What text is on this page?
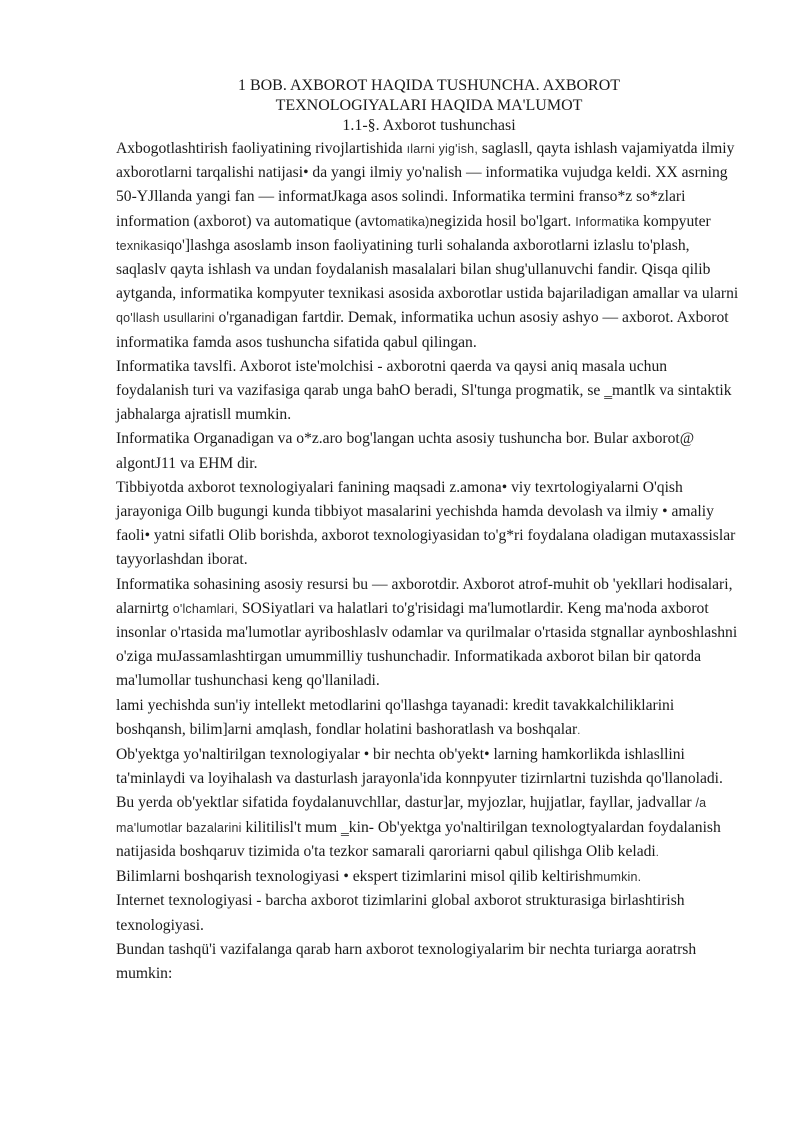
1 BOB. AXBOROT HAQIDA TUSHUNCHA. AXBOROT
TEXNOLOGIYALARI HAQIDA MA'LUMOT

1.1-§. Axborot tushunchasi

Axbogotlashtirish faoliyatining rivojlartishida ılarni yig'ish, saglasll, qayta ishlash vajamiyatda ilmiy axborotlarni tarqalishi natijasi• da yangi ilmiy yo'nalish — informatika vujudga keldi. XX asrning 50-YJllanda yangi fan — informatJkaga asos solindi. Informatika termini franso*z so*zlari information (axborot) va automatique (avtomatika)negizida hosil bo'lgart. Informatika kompyuter texnikasiqo']lashga asoslamb inson faoliyatining turli sohalanda axborotlarni izlaslu to'plash, saqlaslv qayta ishlash va undan foydalanish masalalari bilan shug'ullanuvchi fandir. Qisqa qilib aytganda, informatika kompyuter texnikasi asosida axborotlar ustida bajariladigan amallar va ularni qo'llash usullarini o'rganadigan fartdir. Demak, informatika uchun asosiy ashyo — axborot. Axborot informatika famda asos tushuncha sifatida qabul qilingan.

Informatika tavslfi. Axborot iste'molchisi - axborotni qaerda va qaysi aniq masala uchun foydalanish turi va vazifasiga qarab unga bahO beradi, Sl'tunga progmatik, se ‗mantlk va sintaktik jabhalarga ajratisll mumkin.

Informatika Organadigan va o*z.aro bog'langan uchta asosiy tushuncha bor. Bular axborot@ algontJ11 va EHM dir.

Tibbiyotda axborot texnologiyalari fanining maqsadi z.amona• viy texrtologiyalarni O'qish jarayoniga Oilb bugungi kunda tibbiyot masalarini yechishda hamda devolash va ilmiy • amaliy faoli• yatni sifatli Olib borishda, axborot texnologiyasidan to'g*ri foydalana oladigan mutaxassislar tayyorlashdan iborat.

Informatika sohasining asosiy resursi bu — axborotdir. Axborot atrof-muhit ob 'yekllari hodisalari, alarnirtg o'lchamlari, SOSiyatlari va halatlari to'g'risidagi ma'lumotlardir. Keng ma'noda axborot insonlar o'rtasida ma'lumotlar ayriboshlaslv odamlar va qurilmalar o'rtasida stgnallar aynboshlashni o'ziga muJassamlashtirgan umummilliy tushunchadir. Informatikada axborot bilan bir qatorda ma'lumollar tushunchasi keng qo'llaniladi.

lami yechishda sun'iy intellekt metodlarini qo'llashga tayanadi: kredit tavakkalchiliklarini boshqansh, bilim]arni amqlash, fondlar holatini bashoratlash va boshqalar.

Ob'yektga yo'naltirilgan texnologiyalar • bir nechta ob'yekt• larning hamkorlikda ishlasllini ta'minlaydi va loyihalash va dasturlash jarayonla'ida konnpyuter tizirnlartni tuzishda qo'llanoladi. Bu yerda ob'yektlar sifatida foydalanuvchllar, dastur]ar, myjozlar, hujjatlar, fayllar, jadvallar /a ma'lumotlar bazalarini kilitilisl't mum ‗kin- Ob'yektga yo'naltirilgan texnologtyalardan foydalanish natijasida boshqaruv tizimida o'ta tezkor samarali qaroriarni qabul qilishga Olib keladi.

Bilimlarni boshqarish texnologiyasi • ekspert tizimlarini misol qilib keltirishmumkin.

Internet texnologiyasi - barcha axborot tizimlarini global axborot strukturasiga birlashtirish texnologiyasi.

Bundan tashqü'i vazifalanga qarab harn axborot texnologiyalarim bir nechta turiarga aoratrsh mumkin:
